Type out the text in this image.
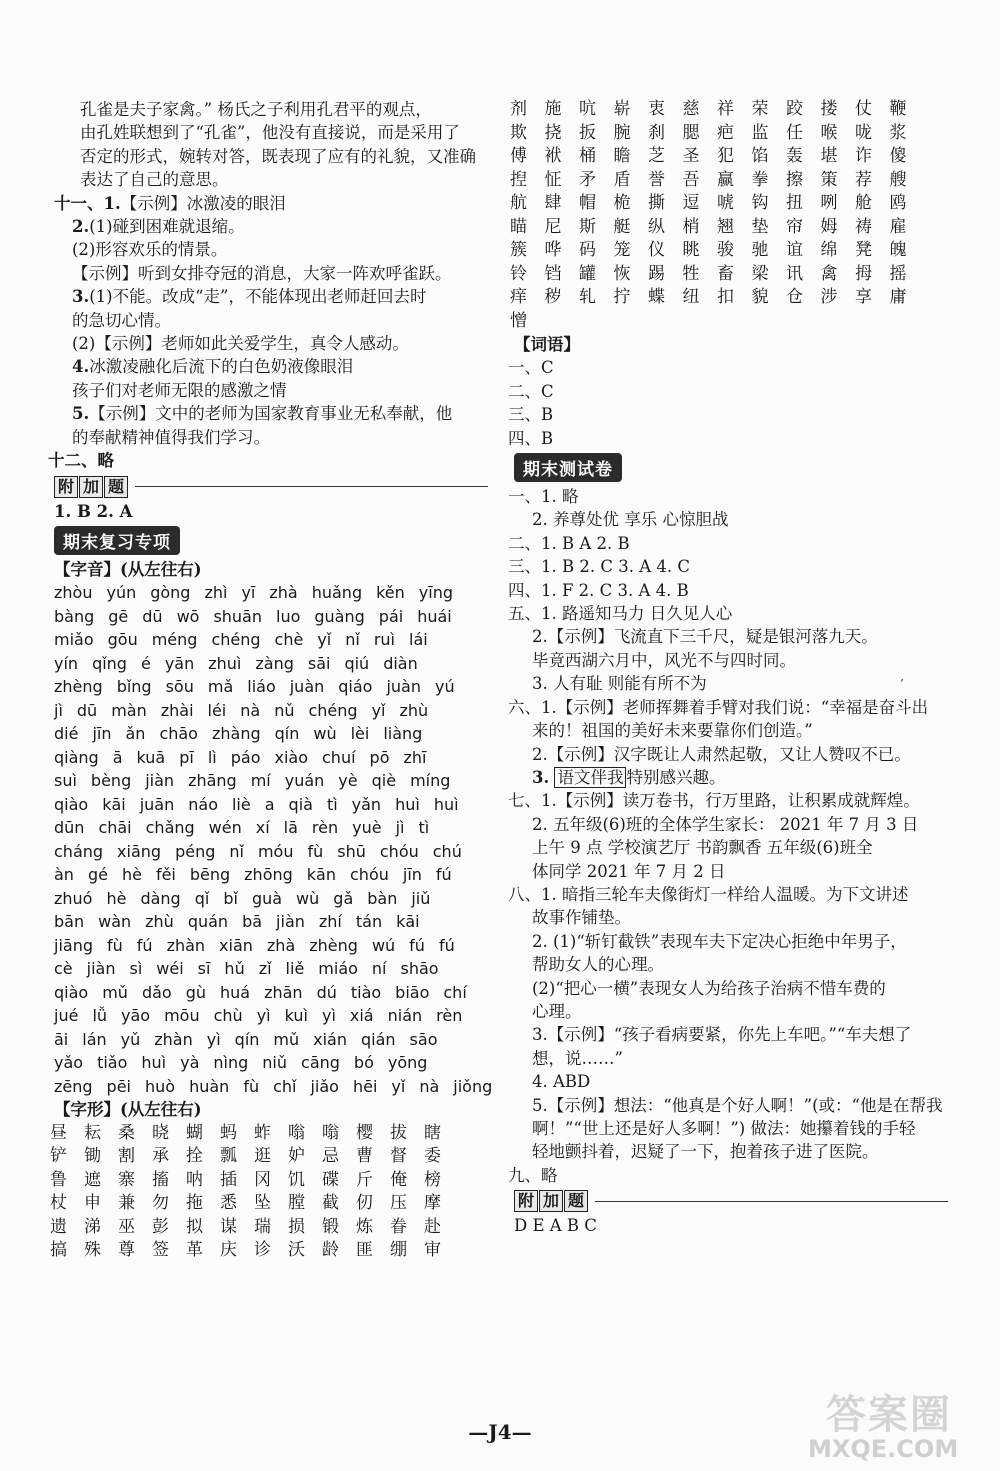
孔雀是夫子家禽。” 杨氏之子利用孔君平的观点，
由孔姓联想到了“孔雀”，他没有直接说，而是采用了
否定的形式，婉转对答，既表现了应有的礼貌，又准确
表达了自己的意思。
十一、1.【示例】冰激凌的眼泪
2.(1)碰到困难就退缩。
(2)形容欢乐的情景。
【示例】听到女排夺冠的消息，大家一阵欢呼雀跃。
3.(1)不能。改成“走”，不能体现出老师赶回去时
的急切心情。
(2)【示例】老师如此关爱学生，真令人感动。
4.冰激凌融化后流下的白色奶液像眼泪
孩子们对老师无限的感激之情
5.【示例】文中的老师为国家教育事业无私奉献，他
的奉献精神值得我们学习。
十二、略
附 加 题
1. B 2. A
期末复习专项
【字音】(从左往右)
zhòu yún gòng zhì yī zhà huǎng kěn yīng
bàng gē dū wō shuān luo guàng pái huái
miǎo gōu méng chéng chè yǐ nǐ ruì lái
yín qǐng é yān zhuì zàng sāi qiú diàn
zhèng bǐng sōu mǎ liáo juàn qiáo juàn yú
jì dū màn zhài léi nà nǔ chéng yǐ zhù
dié jīn ǎn chāo zhàng qín wù lèi liàng
qiàng ā kuā pī lì páo xiào chuí pō zhī
suì bèng jiàn zhāng mí yuán yè qiè míng
qiào kāi juān náo liè a qià tì yǎn huì huì
dūn chāi chǎng wén xí lā rèn yuè jì tì
cháng xiāng péng nǐ móu fù shū chóu chú
àn gé hè fěi bēng zhōng kān chóu jīn fú
zhuó hè dàng qǐ bǐ guà wù gǎ bàn jiǔ
bān wàn zhù quán bā jiàn zhí tán kāi
jiāng fù fú zhàn xiān zhà zhèng wú fú fú
cè jiàn sì wéi sī hǔ zǐ liě miáo ní shāo
qiào mǔ dǎo gù huá zhān dú tiào biāo chí
jué lǚ yāo mōu chù yì kuì yì xiá nián rèn
āi lán yǔ zhàn yì qín mǔ xián qián sāo
yǎo tiǎo huì yà nìng niǔ cāng bó yōng
zēng pēi huò huàn fù chǐ jiǎo hēi yǐ nà jiǒng
【字形】(从左往右)
昼 耘 桑 晓 蝴 蚂 蚱 嗡 嗡 樱 拔 瞎
铲 锄 割 承 拴 瓢 逛 妒 忌 曹 督 委
鲁 遮 寨 搐 呐 插 冈 饥 碟 斤 俺 榜
杖 申 兼 勿 拖 悉 坠 膛 截 仞 压 摩
遗 涕 巫 彭 拟 谋 瑞 损 锻 炼 眷 赴
搞 殊 尊 签 革 庆 诊 沃 龄 匪 绷 审
剂 施 吭 崭 衷 慈 祥 荣 跤 搂 仗 鞭
欺 挠 扳 腕 刹 腮 疤 监 任 喉 咙 浆
傅 袱 桶 瞻 芝 圣 犯 馅 轰 堪 诈 傻
揑 怔 矛 盾 誉 吾 赢 拳 擦 策 荐 艘
航 肆 帽 桅 撕 逗 唬 钩 扭 咧 舱 鸥
瞄 尼 斯 艇 纵 梢 翘 垫 帘 姆 祷 雇
簇 哗 码 笼 仪 眺 骏 驰 谊 绵 凳 魄
铃 铛 罐 恢 踢 牲 畜 梁 讯 禽 拇 摇
痒 秽 轧 拧 蝶 纽 扣 貌 仓 涉 享 庸
憎
【词语】
一、C
二、C
三、B
四、B
期末测试卷
一、1. 略
2. 养尊处优 享乐 心惊胆战
二、1. B A 2. B
三、1. B 2. C 3. A 4. C
四、1. F 2. C 3. A 4. B
五、1. 路遥知马力 日久见人心
2.【示例】飞流直下三千尺，疑是银河落九天。
毕竟西湖六月中，风光不与四时同。
3. 人有耻 则能有所不为
六、1.【示例】老师挥舞着手臂对我们说：“幸福是奋斗出
来的！祖国的美好未来要靠你们创造。”
2.【示例】汉字既让人肃然起敬，又让人赞叹不已。
3. 语文伴我 特别感兴趣。
七、1.【示例】读万卷书，行万里路，让积累成就辉煌。
2. 五年级(6)班的全体学生家长： 2021 年 7 月 3 日
上午 9 点 学校演艺厅 书韵飘香 五年级(6)班全
体同学 2021 年 7 月 2 日
八、1. 暗指三轮车夫像街灯一样给人温暖。为下文讲述
故事作铺垫。
2. (1)“斩钉截铁”表现车夫下定决心拒绝中年男子，
帮助女人的心理。
(2)“把心一横”表现女人为给孩子治病不惜车费的
心理。
3.【示例】“孩子看病要紧，你先上车吧。”“车夫想了
想，说……”
4. ABD
5.【示例】想法：“他真是个好人啊！”(或：“他是在帮我
啊！”“世上还是好人多啊！”) 做法：她攥着钱的手轻
轻地颤抖着，迟疑了一下，抱着孩子进了医院。
九、略
附 加 题
D E A B C
’
—J4—	答案圈
MXQE.COM
